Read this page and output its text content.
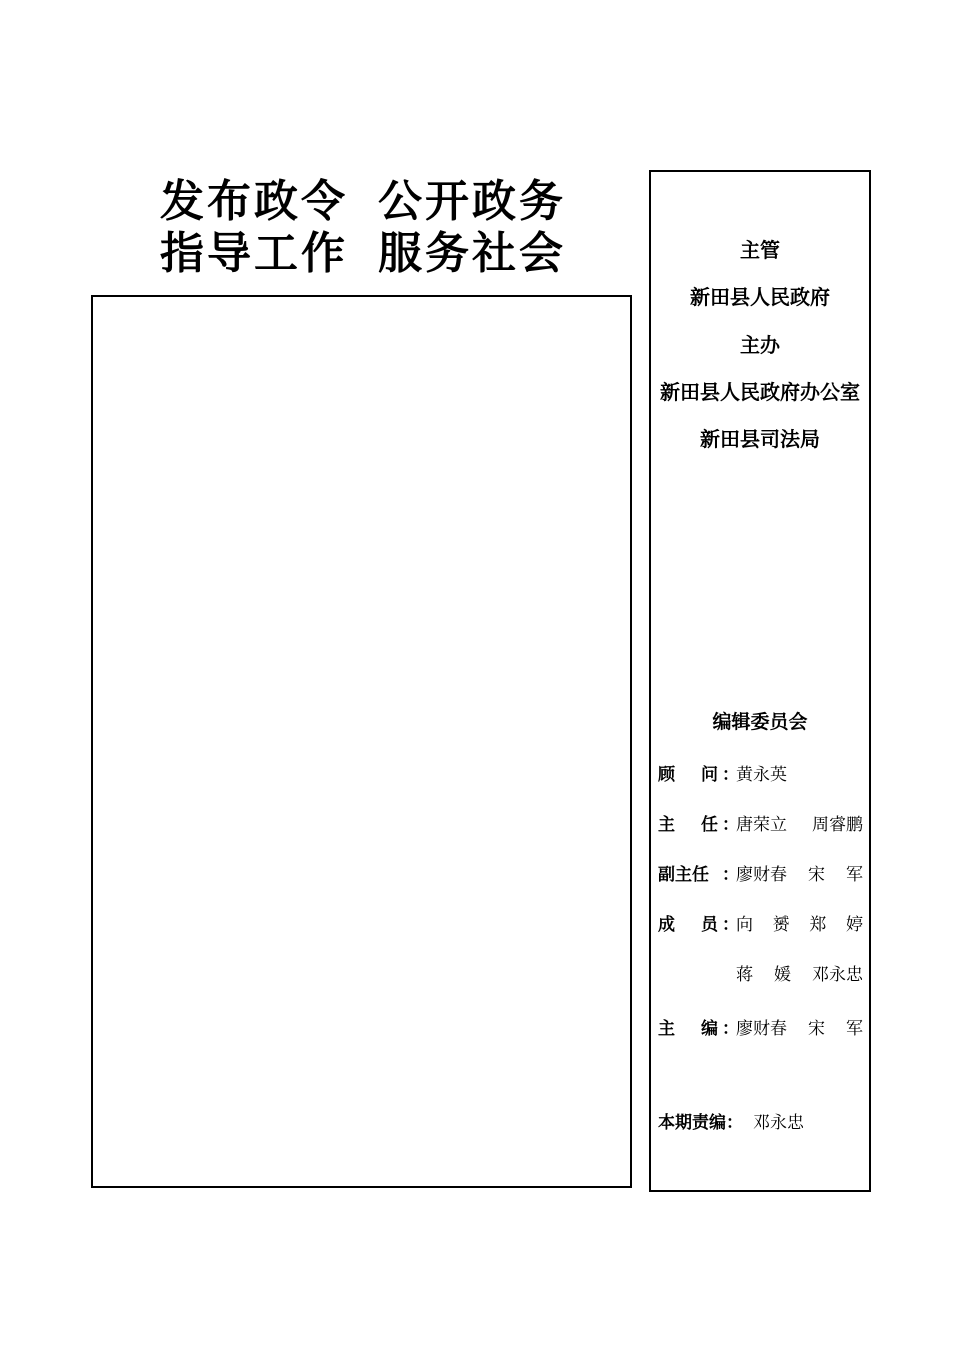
发布政令 公开政务
指导工作 服务社会	主管
新田县人民政府
主办
新田县人民政府办公室
新田县司法局
编辑委员会
顾 问 ：
黄永英
主 任 ：
唐荣立 周睿鹏
副主任 ：
廖财春 宋 军
成 员 ：
向 赟 郑 婷
蒋 媛 邓永忠
主 编 ：
廖财春 宋 军
本期责编： 邓永忠
